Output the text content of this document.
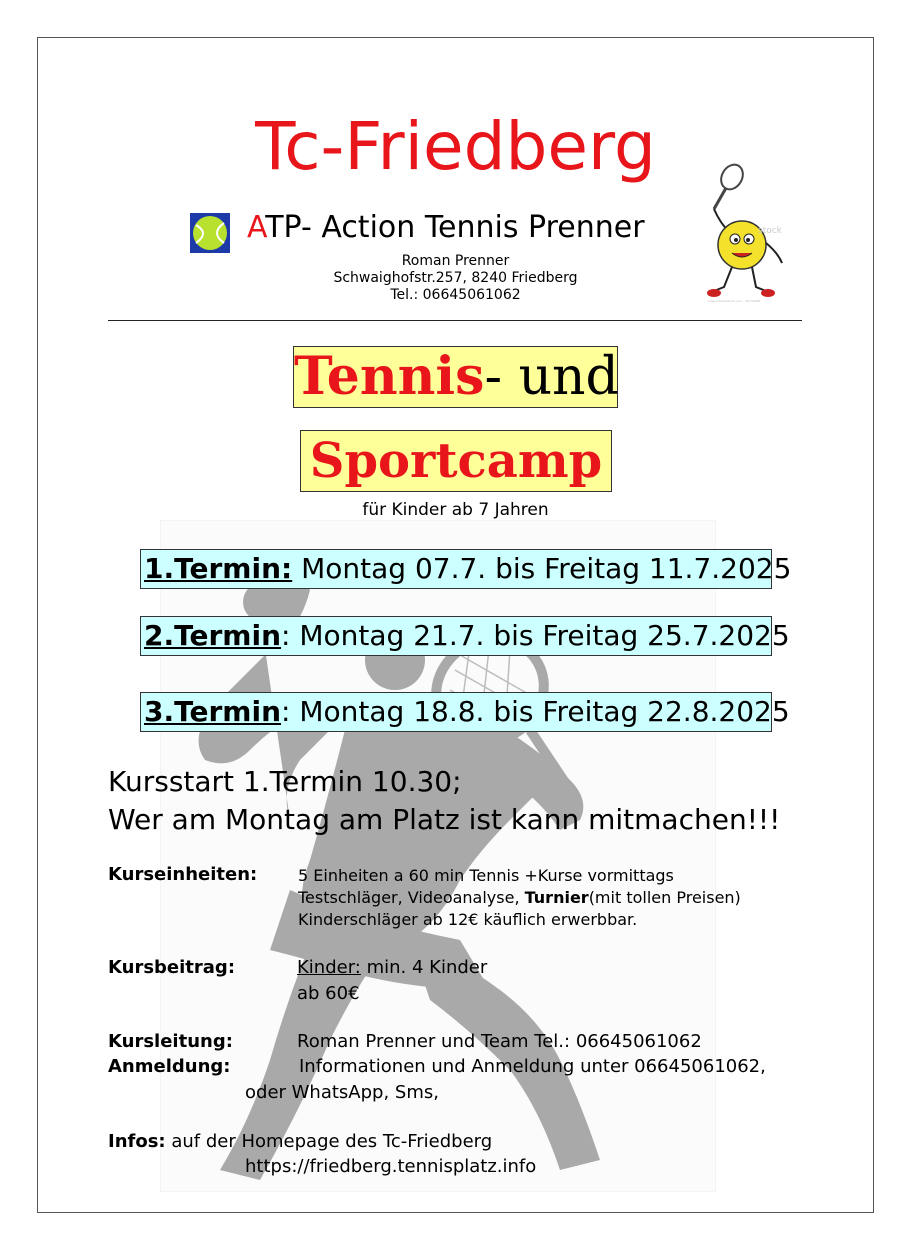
Tc-Friedberg
ATP- Action Tennis Prenner
Roman Prenner
Schwaighofstr.257, 8240 Friedberg
Tel.: 06645061062
stock
www.shutterstock.com · 26732046
Tennis- und
Sportcamp
für Kinder ab 7 Jahren
1.Termin: Montag 07.7. bis Freitag 11.7.2025
2.Termin: Montag 21.7. bis Freitag 25.7.2025
3.Termin: Montag 18.8. bis Freitag 22.8.2025
Kursstart 1.Termin 10.30;
Wer am Montag am Platz ist kann mitmachen!!!
Kurseinheiten:	5 Einheiten a 60 min Tennis +Kurse vormittags
Testschläger, Videoanalyse, Turnier(mit tollen Preisen)
Kinderschläger ab 12€ käuflich erwerbbar.
Kursbeitrag:	Kinder: min. 4 Kinder
ab 60€
Kursleitung:	Roman Prenner und Team Tel.: 06645061062
Anmeldung:	Informationen und Anmeldung unter 06645061062,
oder WhatsApp, Sms,
Infos: auf der Homepage des Tc-Friedberg
https://friedberg.tennisplatz.info
